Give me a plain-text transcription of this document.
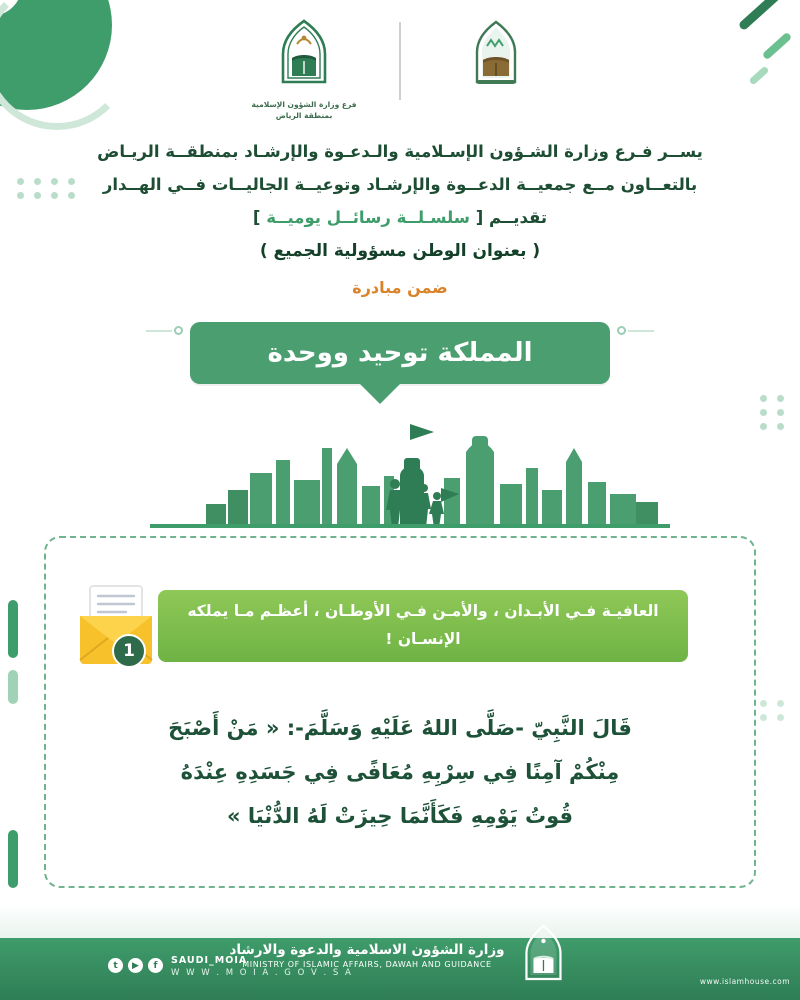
فرع وزارة الشؤون الإسلامية
بمنطقة الرياض
يســر فـرع وزارة الشـؤون الإسـلامية والـدعـوة والإرشـاد بمنطقــة الريـاض
بالتعــاون مــع جمعيــة الدعــوة والإرشـاد وتوعيــة الجاليــات فــي الهــدار
تقديــم [ سلسـلــة رسائــل يوميــة ]
( بعنوان الوطن مسؤولية الجميع )
ضمن مبادرة
المملكة توحيد ووحدة
العافيـة فـي الأبـدان ، والأمـن فـي الأوطـان ، أعظـم مـا يملكه الإنسـان !
1
قَالَ النَّبِيّ -صَلَّى اللهُ عَلَيْهِ وَسَلَّمَ-: « مَنْ أَصْبَحَ
مِنْكُمْ آمِنًا فِي سِرْبِهِ مُعَافًى فِي جَسَدِهِ عِنْدَهُ
قُوتُ يَوْمِهِ فَكَأَنَّمَا حِيزَتْ لَهُ الدُّنْيَا »
t	▶	f
SAUDI_MOIA
W W W . M O I A . G O V . S A
وزارة الشؤون الاسلامية والدعوة والارشاد
MINISTRY OF ISLAMIC AFFAIRS, DAWAH AND GUIDANCE
www.islamhouse.com
